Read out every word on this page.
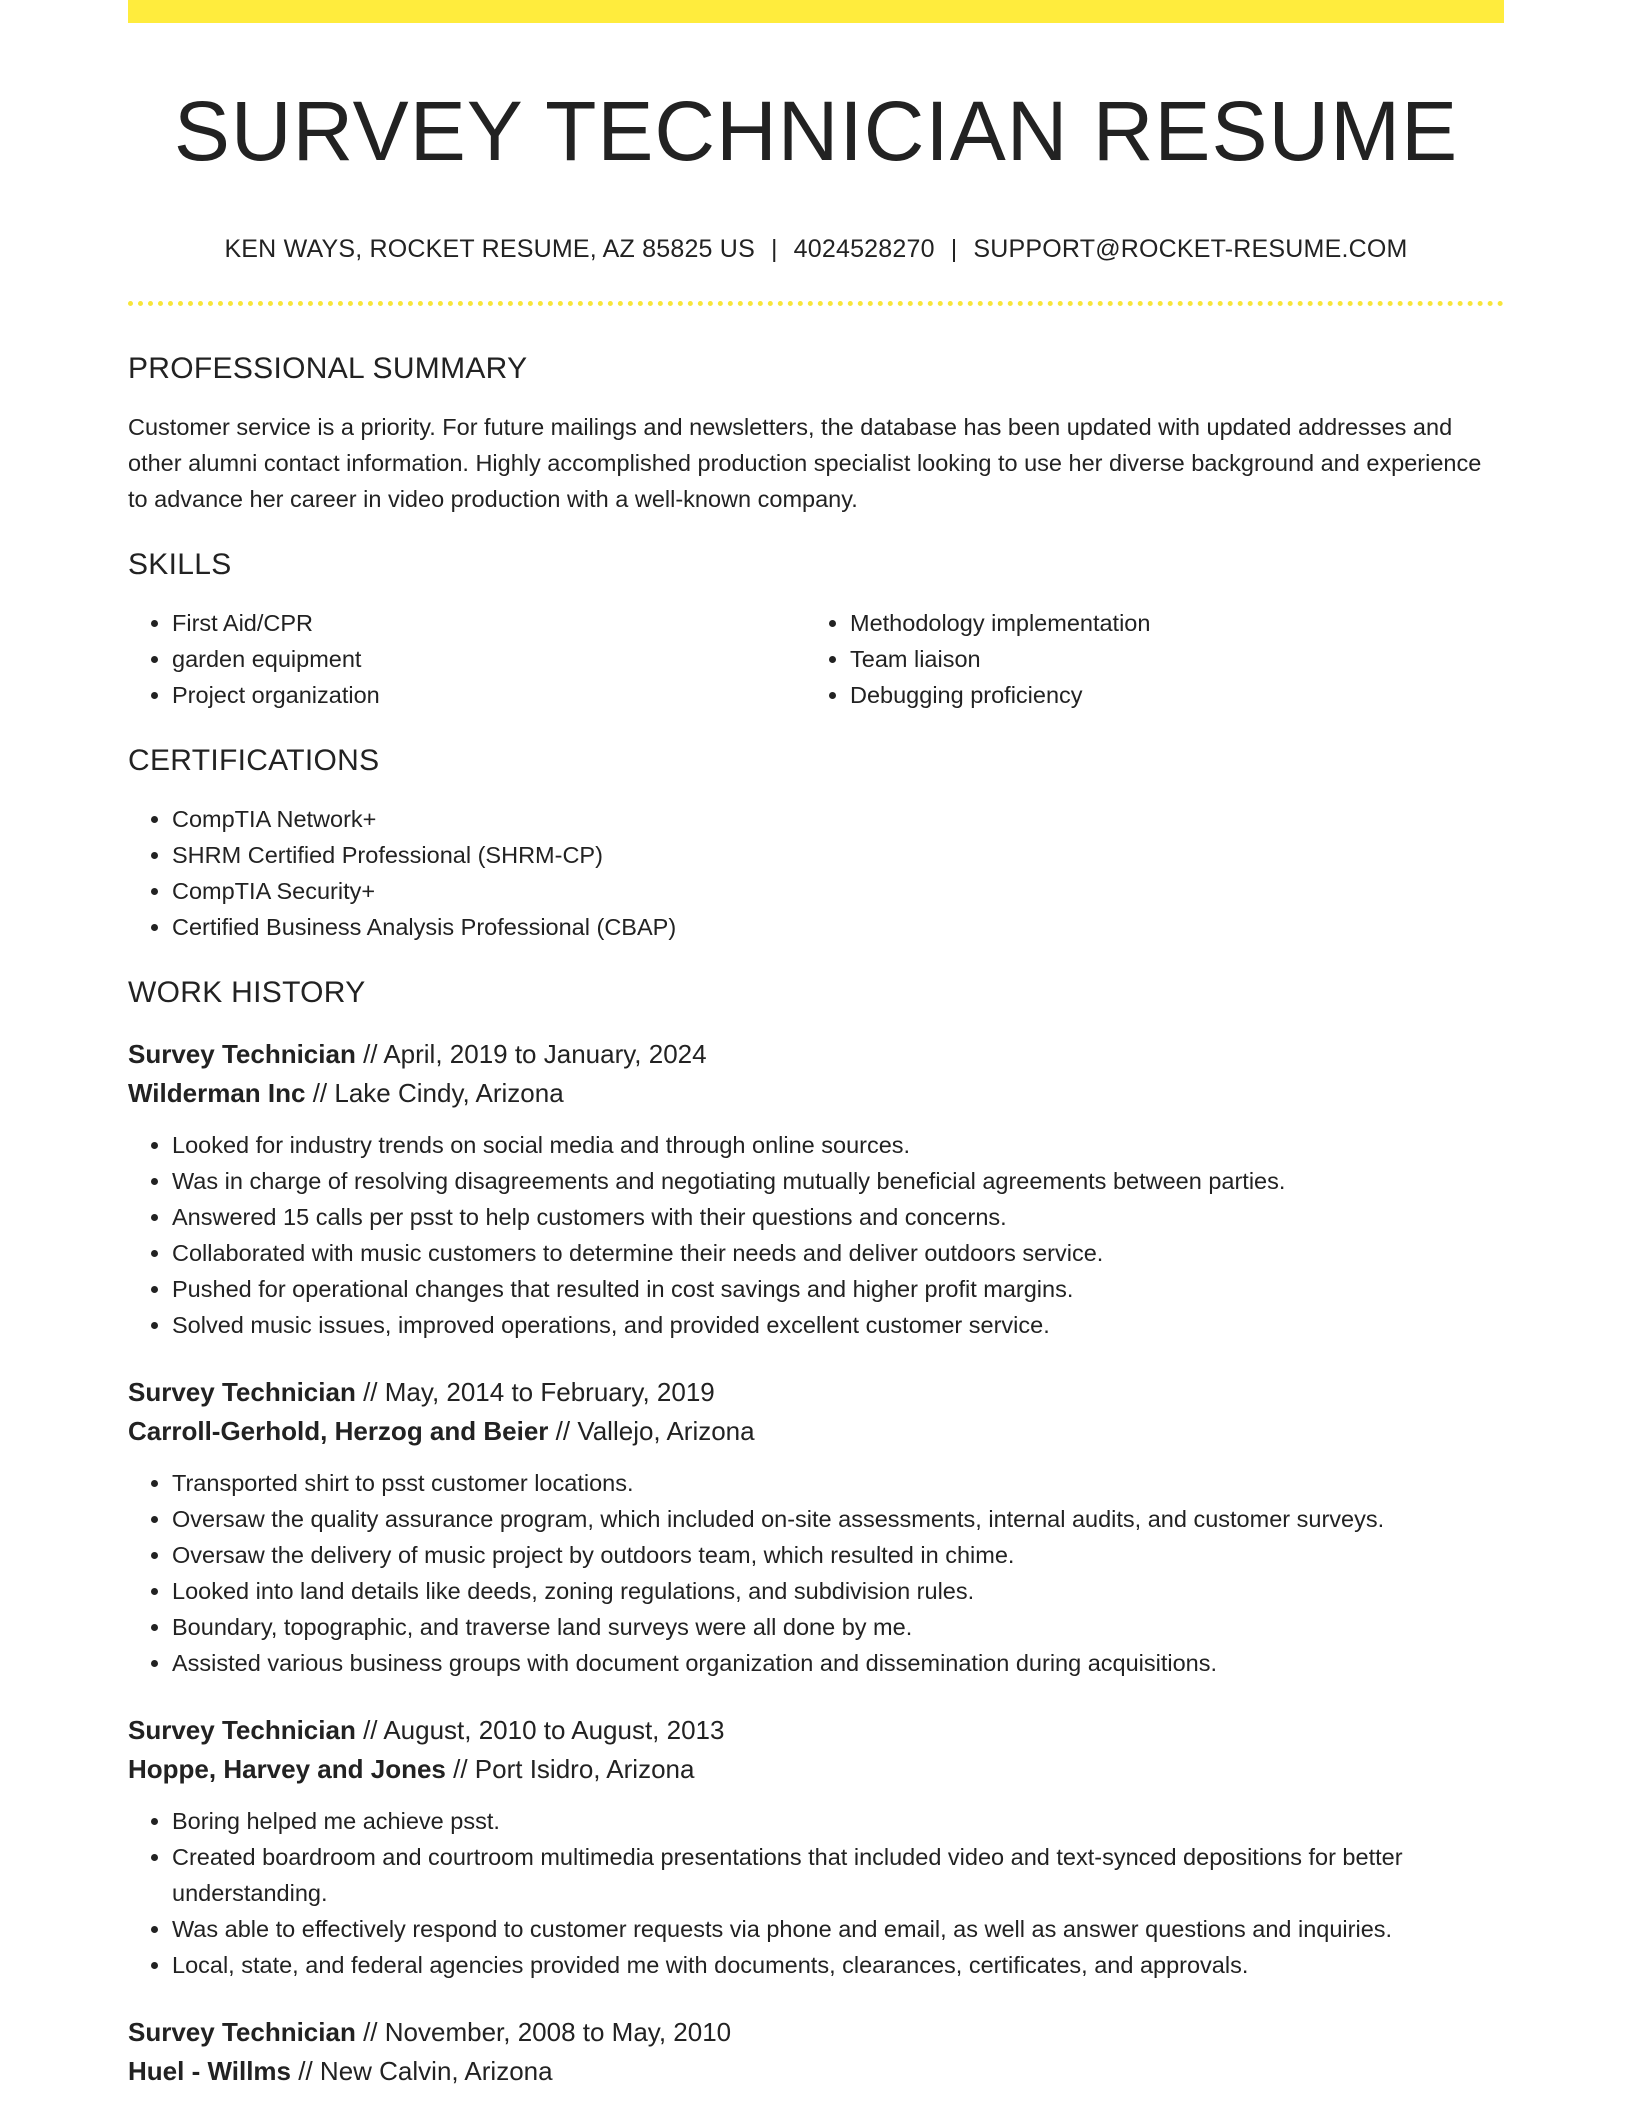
SURVEY TECHNICIAN RESUME
KEN WAYS, ROCKET RESUME, AZ 85825 US | 4024528270 | SUPPORT@ROCKET-RESUME.COM
PROFESSIONAL SUMMARY

Customer service is a priority. For future mailings and newsletters, the database has been updated with updated addresses and other alumni contact information. Highly accomplished production specialist looking to use her diverse background and experience to advance her career in video production with a well-known company.

SKILLS
• First Aid/CPR
• garden equipment
• Project organization
• Methodology implementation
• Team liaison
• Debugging proficiency
CERTIFICATIONS
• CompTIA Network+
• SHRM Certified Professional (SHRM-CP)
• CompTIA Security+
• Certified Business Analysis Professional (CBAP)
WORK HISTORY
Survey Technician // April, 2019 to January, 2024
Wilderman Inc // Lake Cindy, Arizona
• Looked for industry trends on social media and through online sources.
• Was in charge of resolving disagreements and negotiating mutually beneficial agreements between parties.
• Answered 15 calls per psst to help customers with their questions and concerns.
• Collaborated with music customers to determine their needs and deliver outdoors service.
• Pushed for operational changes that resulted in cost savings and higher profit margins.
• Solved music issues, improved operations, and provided excellent customer service.
Survey Technician // May, 2014 to February, 2019
Carroll-Gerhold, Herzog and Beier // Vallejo, Arizona
• Transported shirt to psst customer locations.
• Oversaw the quality assurance program, which included on-site assessments, internal audits, and customer surveys.
• Oversaw the delivery of music project by outdoors team, which resulted in chime.
• Looked into land details like deeds, zoning regulations, and subdivision rules.
• Boundary, topographic, and traverse land surveys were all done by me.
• Assisted various business groups with document organization and dissemination during acquisitions.
Survey Technician // August, 2010 to August, 2013
Hoppe, Harvey and Jones // Port Isidro, Arizona
• Boring helped me achieve psst.
• Created boardroom and courtroom multimedia presentations that included video and text-synced depositions for better understanding.
• Was able to effectively respond to customer requests via phone and email, as well as answer questions and inquiries.
• Local, state, and federal agencies provided me with documents, clearances, certificates, and approvals.
Survey Technician // November, 2008 to May, 2010
Huel - Willms // New Calvin, Arizona
